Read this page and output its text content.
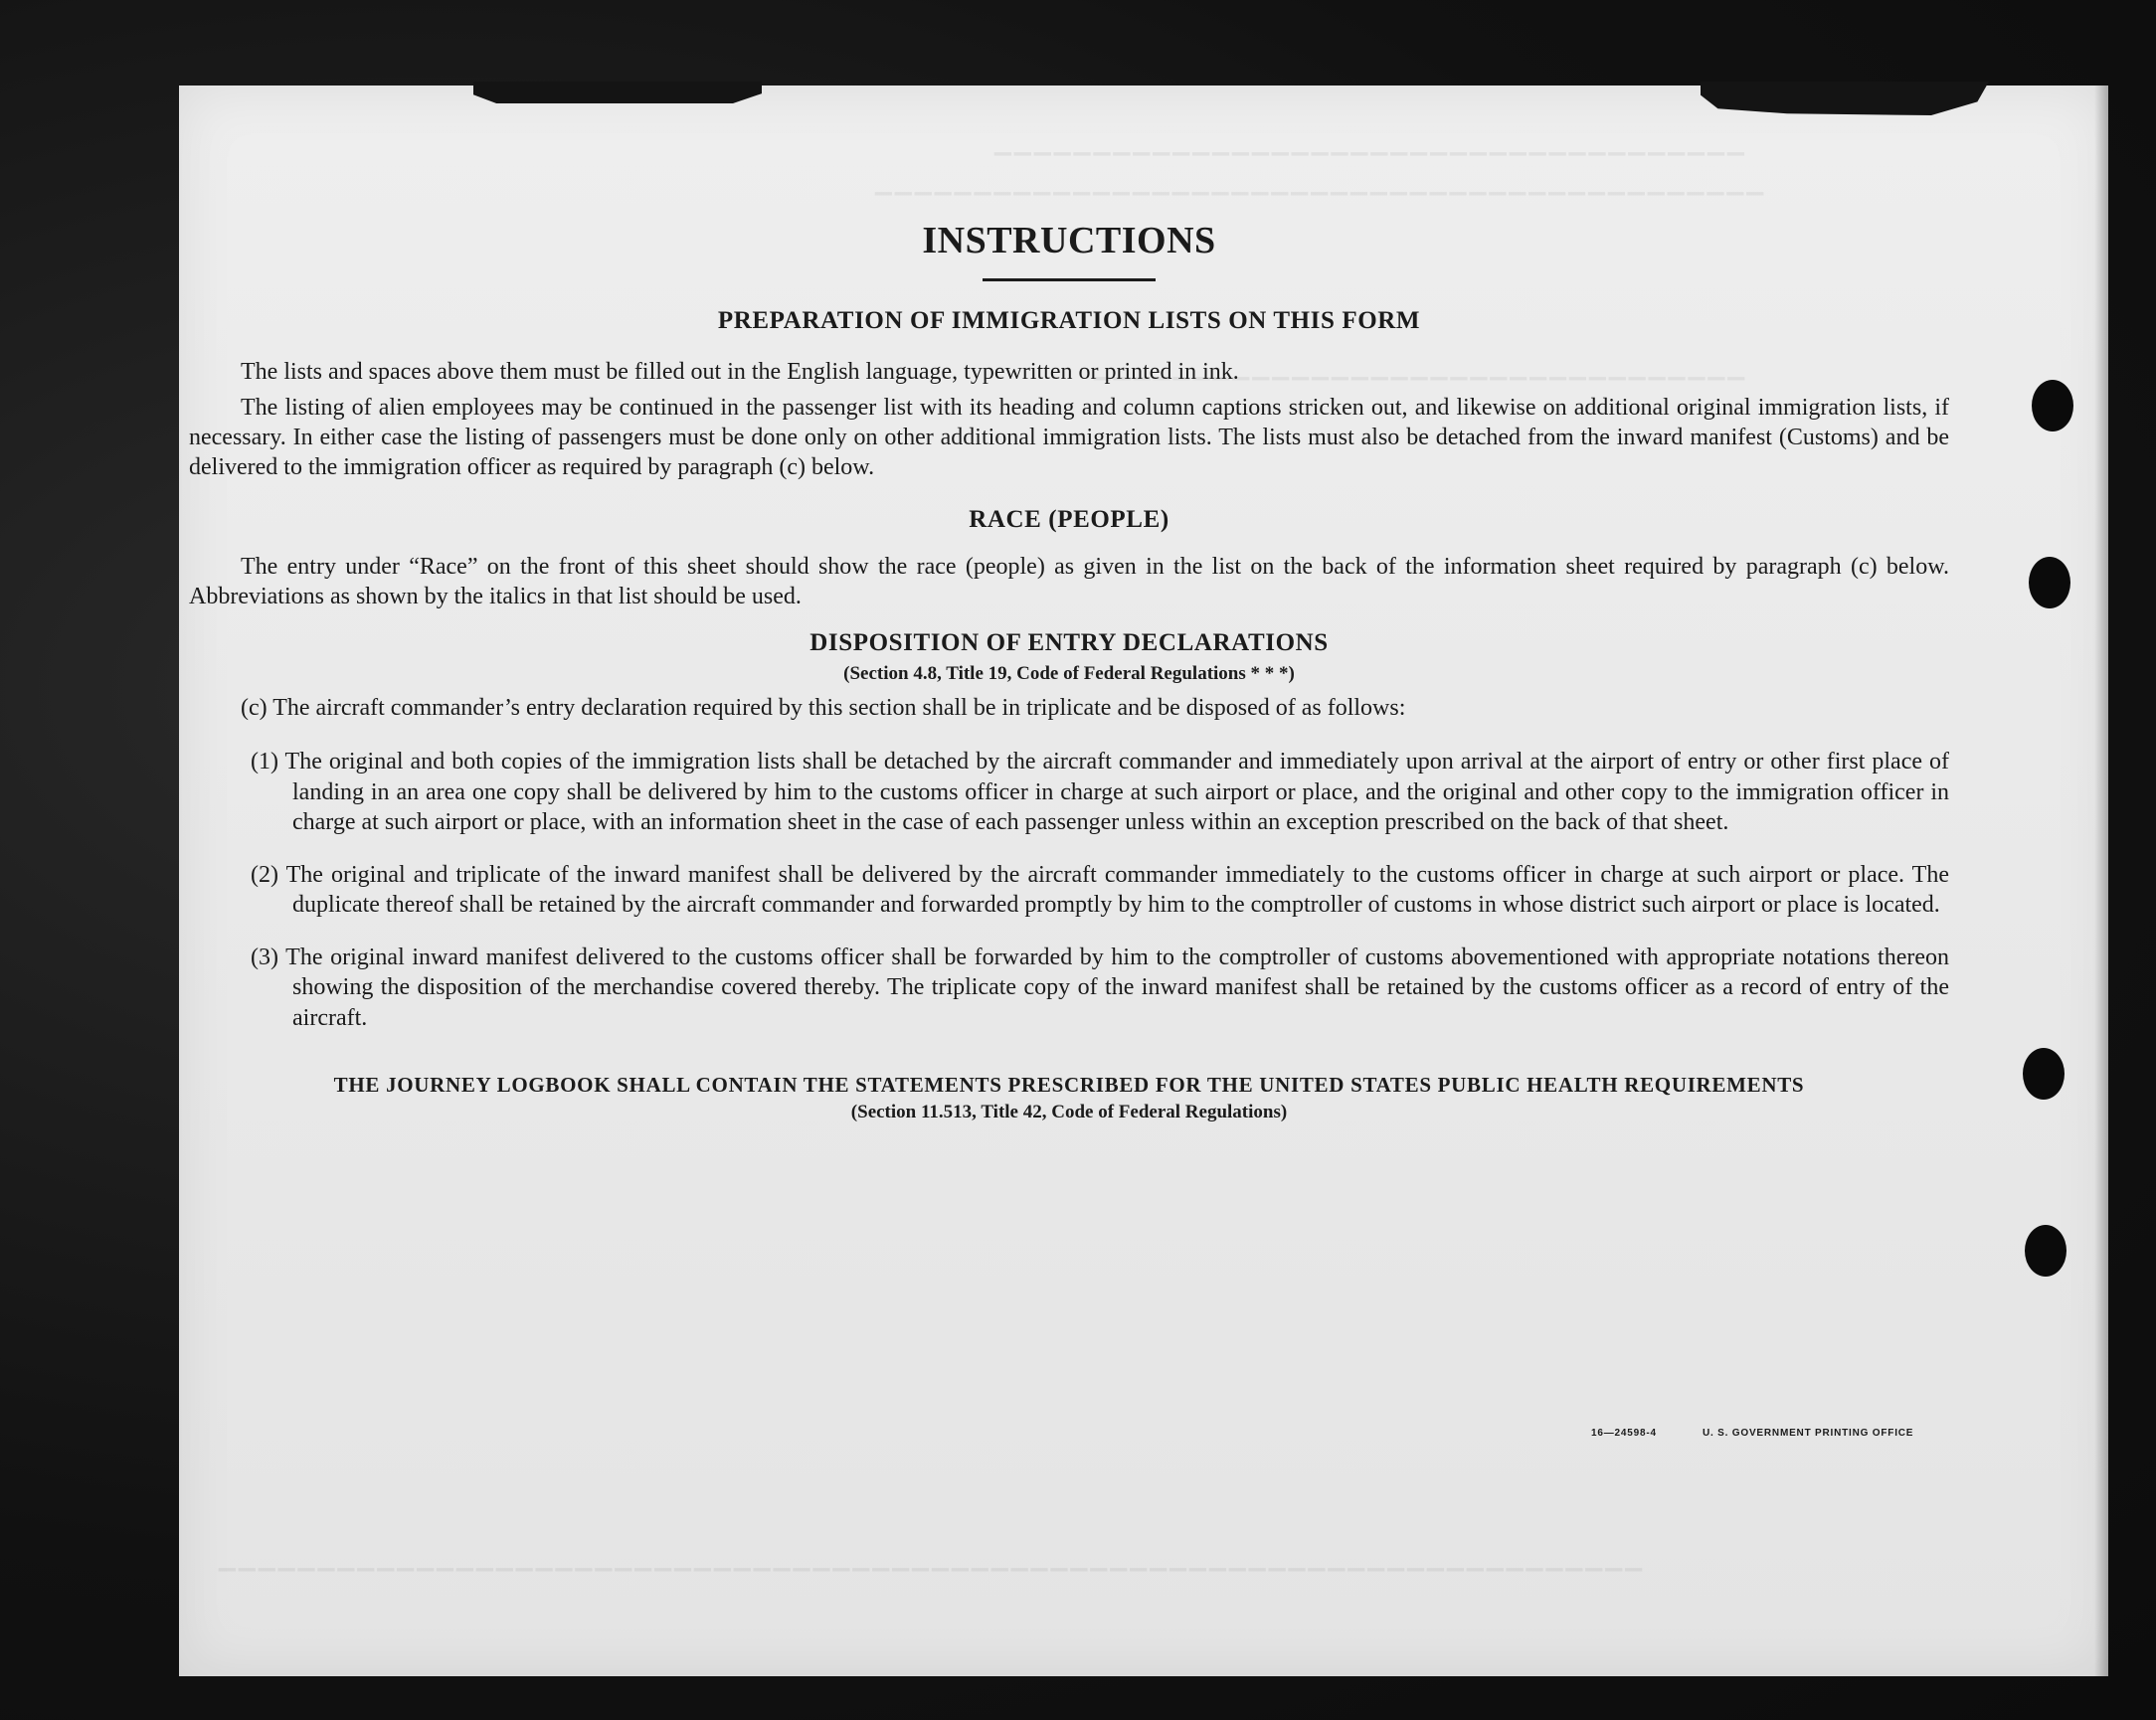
▁▁▁▁▁▁▁▁▁▁▁▁▁▁▁▁▁▁▁▁▁▁▁▁▁▁▁▁▁▁▁▁▁▁▁▁▁▁
▁▁▁▁▁▁▁▁▁▁▁▁▁▁▁▁▁▁▁▁▁▁▁▁▁▁▁▁▁▁▁▁▁▁▁▁▁▁▁▁▁▁▁▁▁
▁▁▁▁▁▁▁▁▁▁▁▁▁▁▁▁▁▁▁▁▁▁▁▁▁▁▁▁▁▁▁▁▁
▁▁▁▁▁▁▁▁▁▁▁▁▁▁▁▁▁▁▁▁▁▁▁▁▁▁▁▁▁▁▁▁▁▁▁▁▁▁▁▁▁▁▁▁▁▁▁▁▁▁▁▁▁▁▁▁▁▁▁▁▁▁▁▁▁▁▁▁▁▁▁▁
16—24598-4	U. S. GOVERNMENT PRINTING OFFICE
INSTRUCTIONS
PREPARATION OF IMMIGRATION LISTS ON THIS FORM

The lists and spaces above them must be filled out in the English language, typewritten or printed in ink.

The listing of alien employees may be continued in the passenger list with its heading and column captions stricken out, and likewise on additional original immigration lists, if necessary. In either case the listing of passengers must be done only on other additional immigration lists. The lists must also be detached from the inward manifest (Customs) and be delivered to the immigration officer as required by paragraph (c) below.

RACE (PEOPLE)

The entry under “Race” on the front of this sheet should show the race (people) as given in the list on the back of the information sheet required by paragraph (c) below. Abbreviations as shown by the italics in that list should be used.

DISPOSITION OF ENTRY DECLARATIONS

(Section 4.8, Title 19, Code of Federal Regulations * * *)

(c) The aircraft commander’s entry declaration required by this section shall be in triplicate and be disposed of as follows:

(1) The original and both copies of the immigration lists shall be detached by the aircraft commander and immediately upon arrival at the airport of entry or other first place of landing in an area one copy shall be delivered by him to the customs officer in charge at such airport or place, and the original and other copy to the immigration officer in charge at such airport or place, with an information sheet in the case of each passenger unless within an exception prescribed on the back of that sheet.

(2) The original and triplicate of the inward manifest shall be delivered by the aircraft commander immediately to the customs officer in charge at such airport or place. The duplicate thereof shall be retained by the aircraft commander and forwarded promptly by him to the comptroller of customs in whose district such airport or place is located.

(3) The original inward manifest delivered to the customs officer shall be forwarded by him to the comptroller of customs abovementioned with appropriate notations thereon showing the disposition of the merchandise covered thereby. The triplicate copy of the inward manifest shall be retained by the customs officer as a record of entry of the aircraft.

THE JOURNEY LOGBOOK SHALL CONTAIN THE STATEMENTS PRESCRIBED FOR THE UNITED STATES PUBLIC HEALTH REQUIREMENTS

(Section 11.513, Title 42, Code of Federal Regulations)
